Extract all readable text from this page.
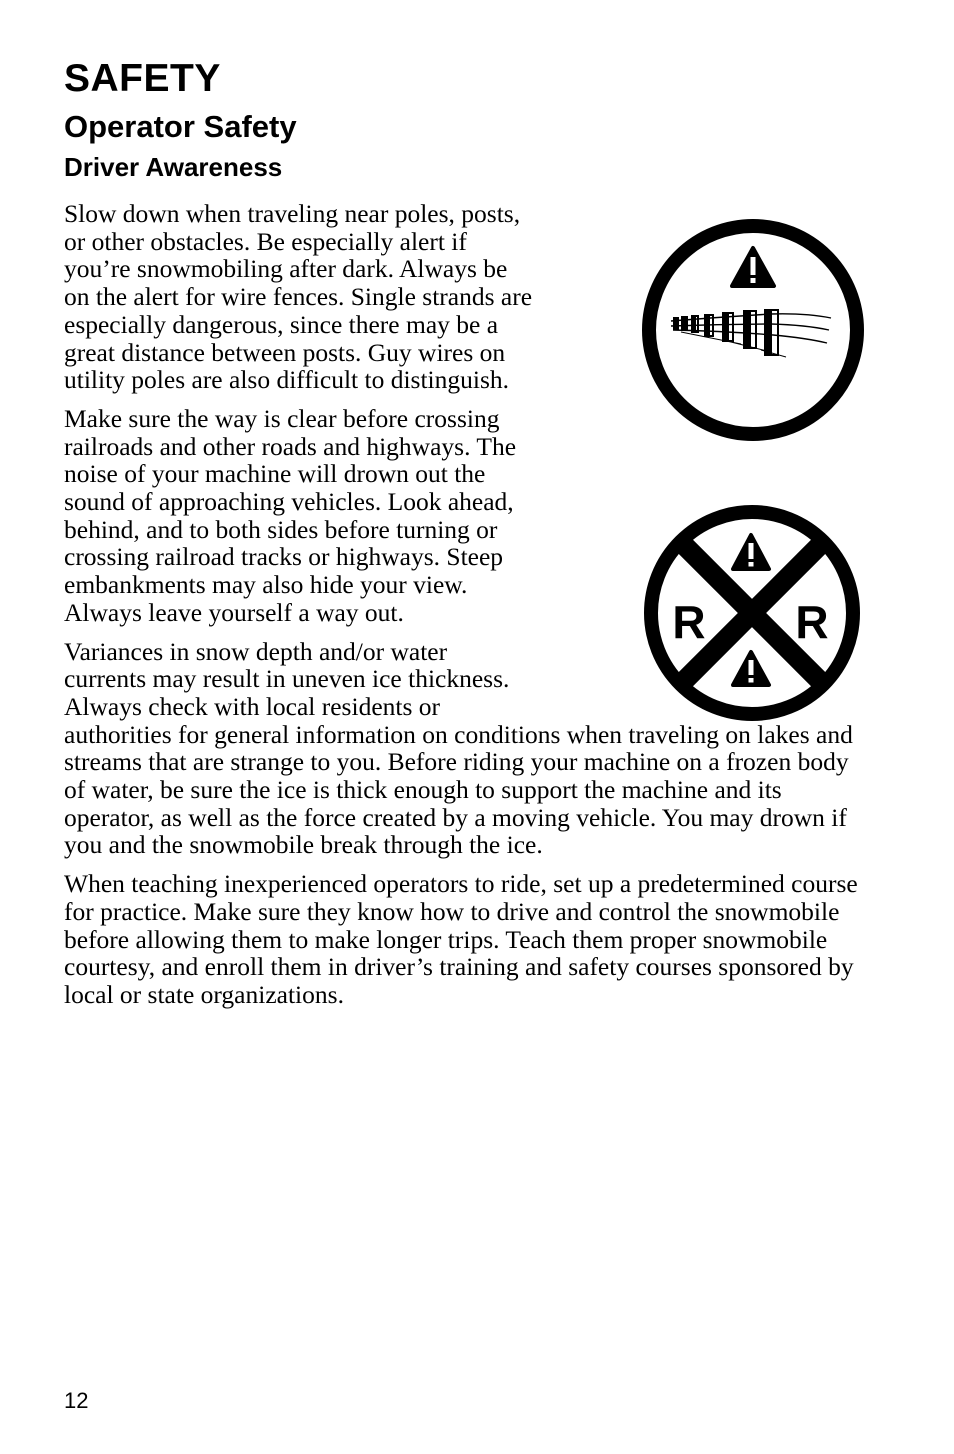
SAFETY
Operator Safety
Driver Awareness

Slow down when traveling near poles, posts, or other obstacles. Be especially alert if you’re snowmobiling after dark. Always be on the alert for wire fences. Single strands are especially dangerous, since there may be a great distance between posts. Guy wires on utility poles are also difficult to distinguish.

Make sure the way is clear before crossing railroads and other roads and highways. The noise of your machine will drown out the sound of approaching vehicles. Look ahead, behind, and to both sides before turning or crossing railroad tracks or highways. Steep embankments may also hide your view. Always leave yourself a way out.

Variances in snow depth and/or water currents may result in uneven ice thickness. Always check with local residents or authorities for general information on conditions when traveling on lakes and streams that are strange to you. Before riding your machine on a frozen body of water, be sure the ice is thick enough to support the machine and its operator, as well as the force created by a moving vehicle. You may drown if you and the snowmobile break through the ice.

When teaching inexperienced operators to ride, set up a predetermined course for practice. Make sure they know how to drive and control the snowmobile before allowing them to make longer trips. Teach them proper snowmobile courtesy, and enroll them in driver’s training and safety courses sponsored by local or state organizations.

R R
12
